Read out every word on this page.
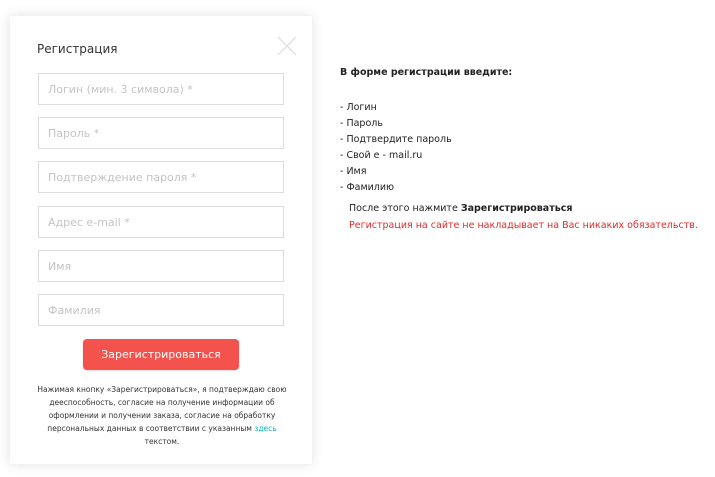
Регистрация
Логин (мин. 3 символа) *
Адрес e-mail *
Имя
Фамилия
Зарегистрироваться
Нажимая кнопку «Зарегистрироваться», я подтверждаю свою дееспособность, согласие на получение информации об оформлении и получении заказа, согласие на обработку персональных данных в соответствии с указанным здесь текстом.
В форме регистрации введите:
- Логин
- Пароль
- Подтвердите пароль
- Свой е - mail.ru
- Имя
- Фамилию
После этого нажмите Зарегистрироваться
Регистрация на сайте не накладывает на Вас никаких обязательств.
